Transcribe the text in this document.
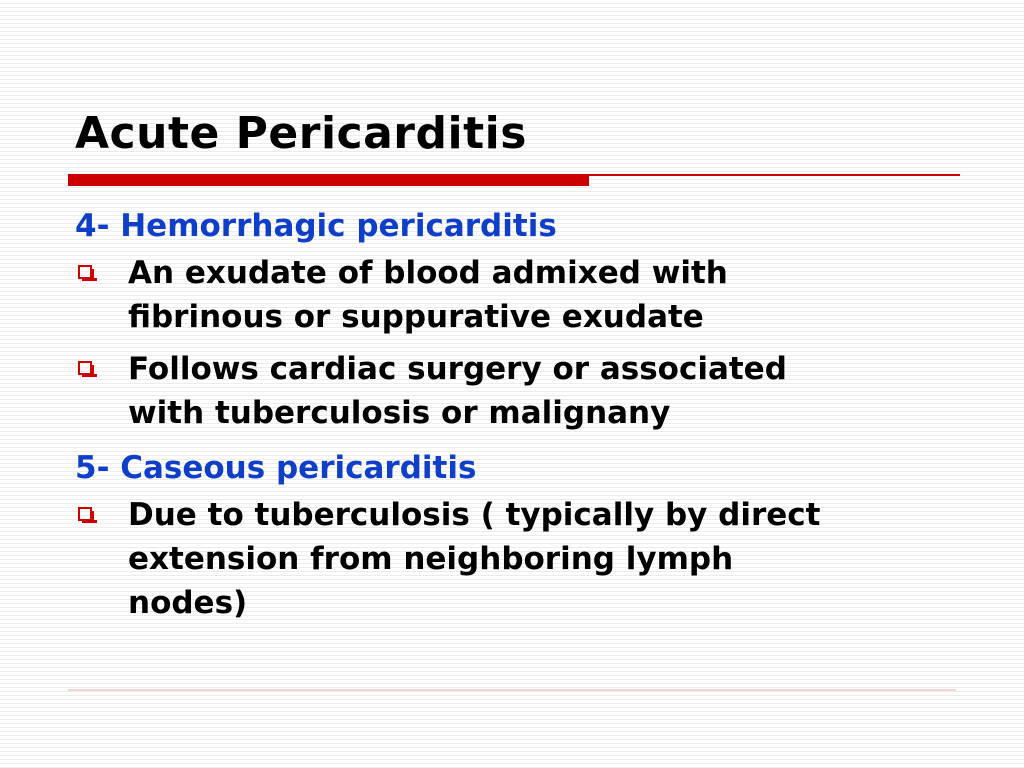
Acute Pericarditis
4- Hemorrhagic pericarditis
An exudate of blood admixed with
fibrinous or suppurative exudate
Follows cardiac surgery or associated
with tuberculosis or malignany
5- Caseous pericarditis
Due to tuberculosis ( typically by direct
extension from neighboring lymph
nodes)
